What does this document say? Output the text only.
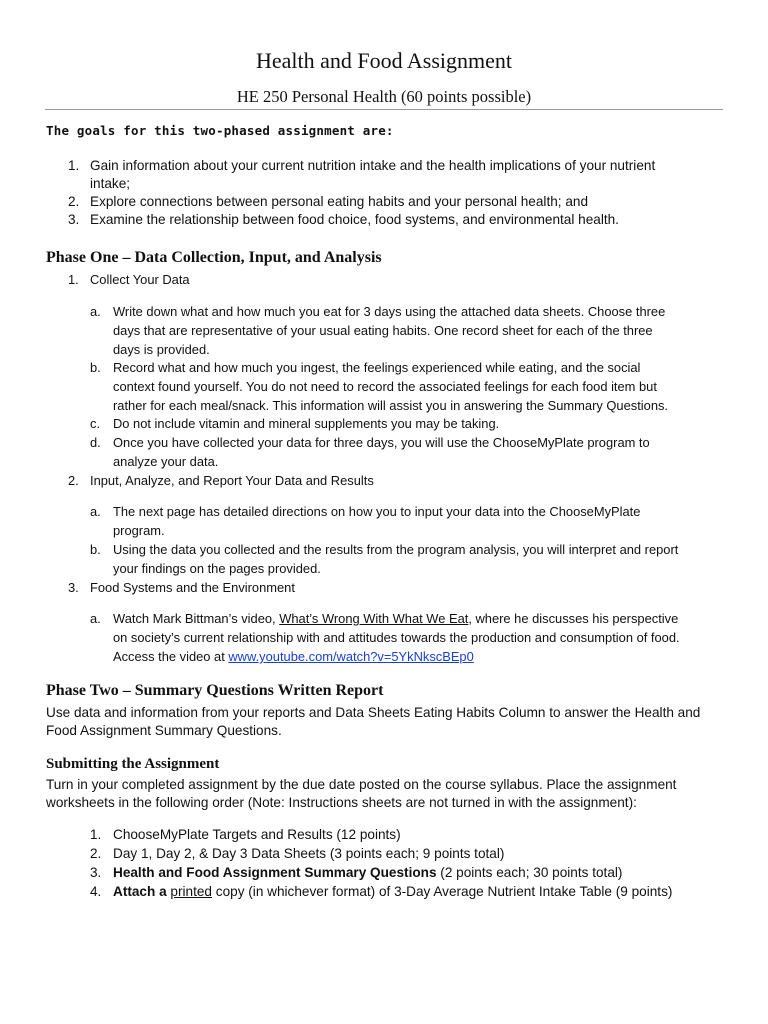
Health and Food Assignment
HE 250 Personal Health (60 points possible)
The goals for this two-phased assignment are:
1. Gain information about your current nutrition intake and the health implications of your nutrient
intake;
2. Explore connections between personal eating habits and your personal health; and
3. Examine the relationship between food choice, food systems, and environmental health.
Phase One – Data Collection, Input, and Analysis
1. Collect Your Data
a. Write down what and how much you eat for 3 days using the attached data sheets. Choose three
days that are representative of your usual eating habits. One record sheet for each of the three
days is provided.
b. Record what and how much you ingest, the feelings experienced while eating, and the social
context found yourself. You do not need to record the associated feelings for each food item but
rather for each meal/snack. This information will assist you in answering the Summary Questions.
c. Do not include vitamin and mineral supplements you may be taking.
d. Once you have collected your data for three days, you will use the ChooseMyPlate program to
analyze your data.
2. Input, Analyze, and Report Your Data and Results
a. The next page has detailed directions on how you to input your data into the ChooseMyPlate
program.
b. Using the data you collected and the results from the program analysis, you will interpret and report
your findings on the pages provided.
3. Food Systems and the Environment
a. Watch Mark Bittman’s video, What’s Wrong With What We Eat, where he discusses his perspective
on society’s current relationship with and attitudes towards the production and consumption of food.
Access the video at www.youtube.com/watch?v=5YkNkscBEp0
Phase Two – Summary Questions Written Report
Use data and information from your reports and Data Sheets Eating Habits Column to answer the Health and
Food Assignment Summary Questions.
Submitting the Assignment
Turn in your completed assignment by the due date posted on the course syllabus. Place the assignment
worksheets in the following order (Note: Instructions sheets are not turned in with the assignment):
1. ChooseMyPlate Targets and Results (12 points)
2. Day 1, Day 2, & Day 3 Data Sheets (3 points each; 9 points total)
3. Health and Food Assignment Summary Questions (2 points each; 30 points total)
4. Attach a printed copy (in whichever format) of 3-Day Average Nutrient Intake Table (9 points)
